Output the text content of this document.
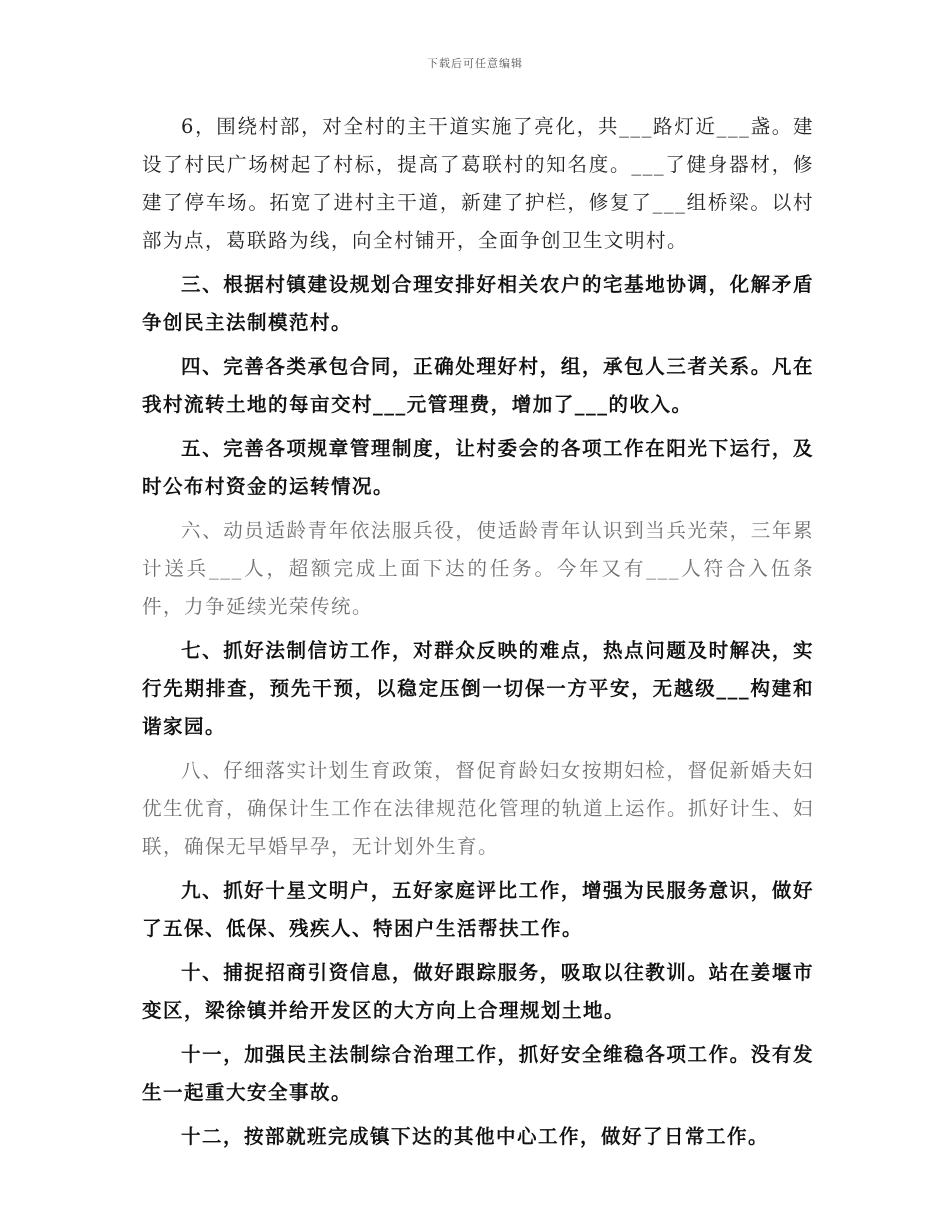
下载后可任意编辑

6，围绕村部，对全村的主干道实施了亮化，共___路灯近___盏。建设了村民广场树起了村标，提高了葛联村的知名度。___了健身器材，修建了停车场。拓宽了进村主干道，新建了护栏，修复了___组桥梁。以村部为点，葛联路为线，向全村铺开，全面争创卫生文明村。

三、根据村镇建设规划合理安排好相关农户的宅基地协调，化解矛盾争创民主法制模范村。

四、完善各类承包合同，正确处理好村，组，承包人三者关系。凡在我村流转土地的每亩交村___元管理费，增加了___的收入。

五、完善各项规章管理制度，让村委会的各项工作在阳光下运行，及时公布村资金的运转情况。

六、动员适龄青年依法服兵役，使适龄青年认识到当兵光荣，三年累计送兵___人，超额完成上面下达的任务。今年又有___人符合入伍条件，力争延续光荣传统。

七、抓好法制信访工作，对群众反映的难点，热点问题及时解决，实行先期排查，预先干预，以稳定压倒一切保一方平安，无越级___构建和谐家园。

八、仔细落实计划生育政策，督促育龄妇女按期妇检，督促新婚夫妇优生优育，确保计生工作在法律规范化管理的轨道上运作。抓好计生、妇联，确保无早婚早孕，无计划外生育。

九、抓好十星文明户，五好家庭评比工作，增强为民服务意识，做好了五保、低保、残疾人、特困户生活帮扶工作。

十、捕捉招商引资信息，做好跟踪服务，吸取以往教训。站在姜堰市变区，梁徐镇并给开发区的大方向上合理规划土地。

十一，加强民主法制综合治理工作，抓好安全维稳各项工作。没有发生一起重大安全事故。

十二，按部就班完成镇下达的其他中心工作，做好了日常工作。
